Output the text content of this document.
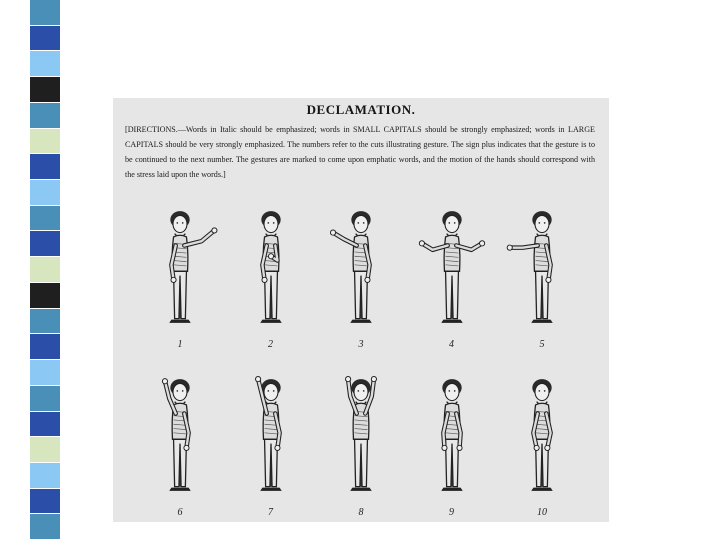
DECLAMATION.
[DIRECTIONS.—Words in Italic should be emphasized; words in SMALL CAPITALS should be strongly emphasized; words in LARGE CAPITALS should be very strongly emphasized. The numbers refer to the cuts illustrating gesture. The sign plus indicates that the gesture is to be continued to the next number. The gestures are marked to come upon emphatic words, and the motion of the hands should correspond with the stress laid upon the words.]
1	2	3	4	5
6	7	8	9	10
